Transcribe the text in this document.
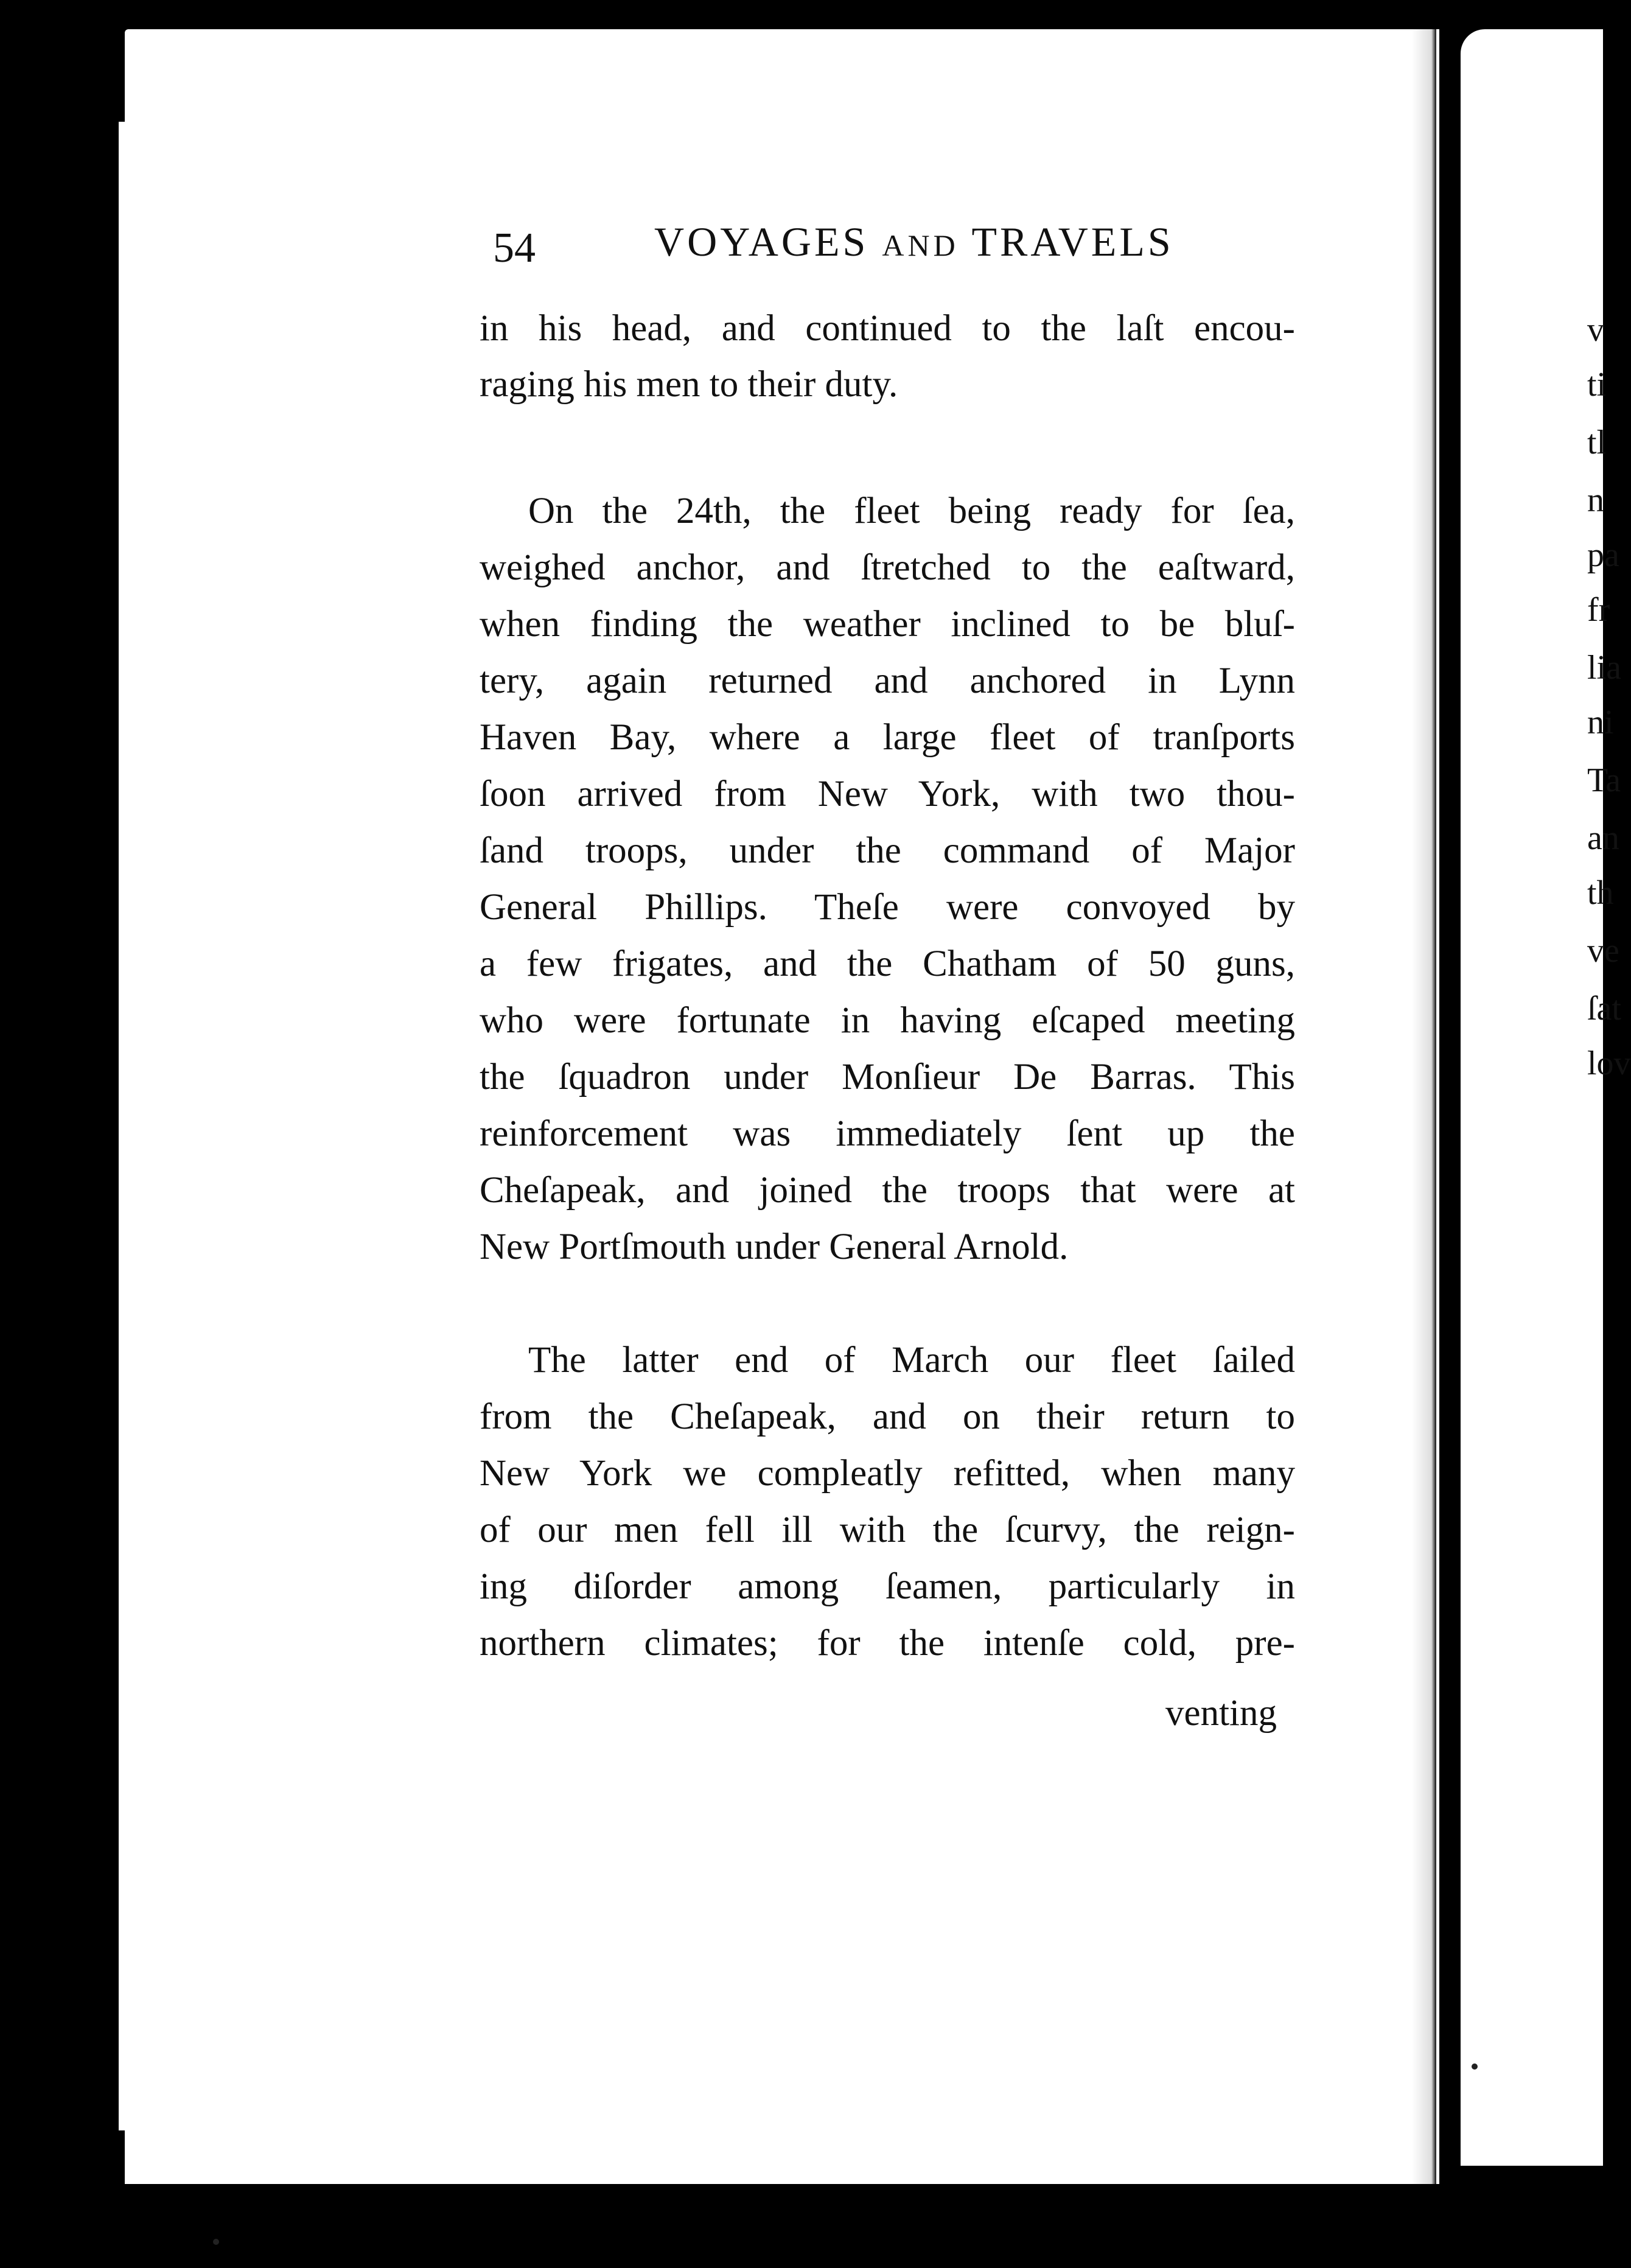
54	VOYAGES AND TRAVELS
in his head, and continued to the laſt encou-
raging his men to their duty.
On the 24th, the fleet being ready for ſea,
weighed anchor, and ſtretched to the eaſtward,
when finding the weather inclined to be bluſ-
tery, again returned and anchored in Lynn
Haven Bay, where a large fleet of tranſports
ſoon arrived from New York, with two thou-
ſand troops, under the command of Major
General Phillips. Theſe were convoyed by
a few frigates, and the Chatham of 50 guns,
who were fortunate in having eſcaped meeting
the ſquadron under Monſieur De Barras. This
reinforcement was immediately ſent up the
Cheſapeak, and joined the troops that were at
New Portſmouth under General Arnold.
The latter end of March our fleet ſailed
from the Cheſapeak, and on their return to
New York we compleatly refitted, when many
of our men fell ill with the ſcurvy, the reign-
ing diſorder among ſeamen, particularly in
northern climates; for the intenſe cold, pre-
venting
v
ti
tl
n
pa
fr
lia
ni
Ta
an
th
ve
ſat
lov
